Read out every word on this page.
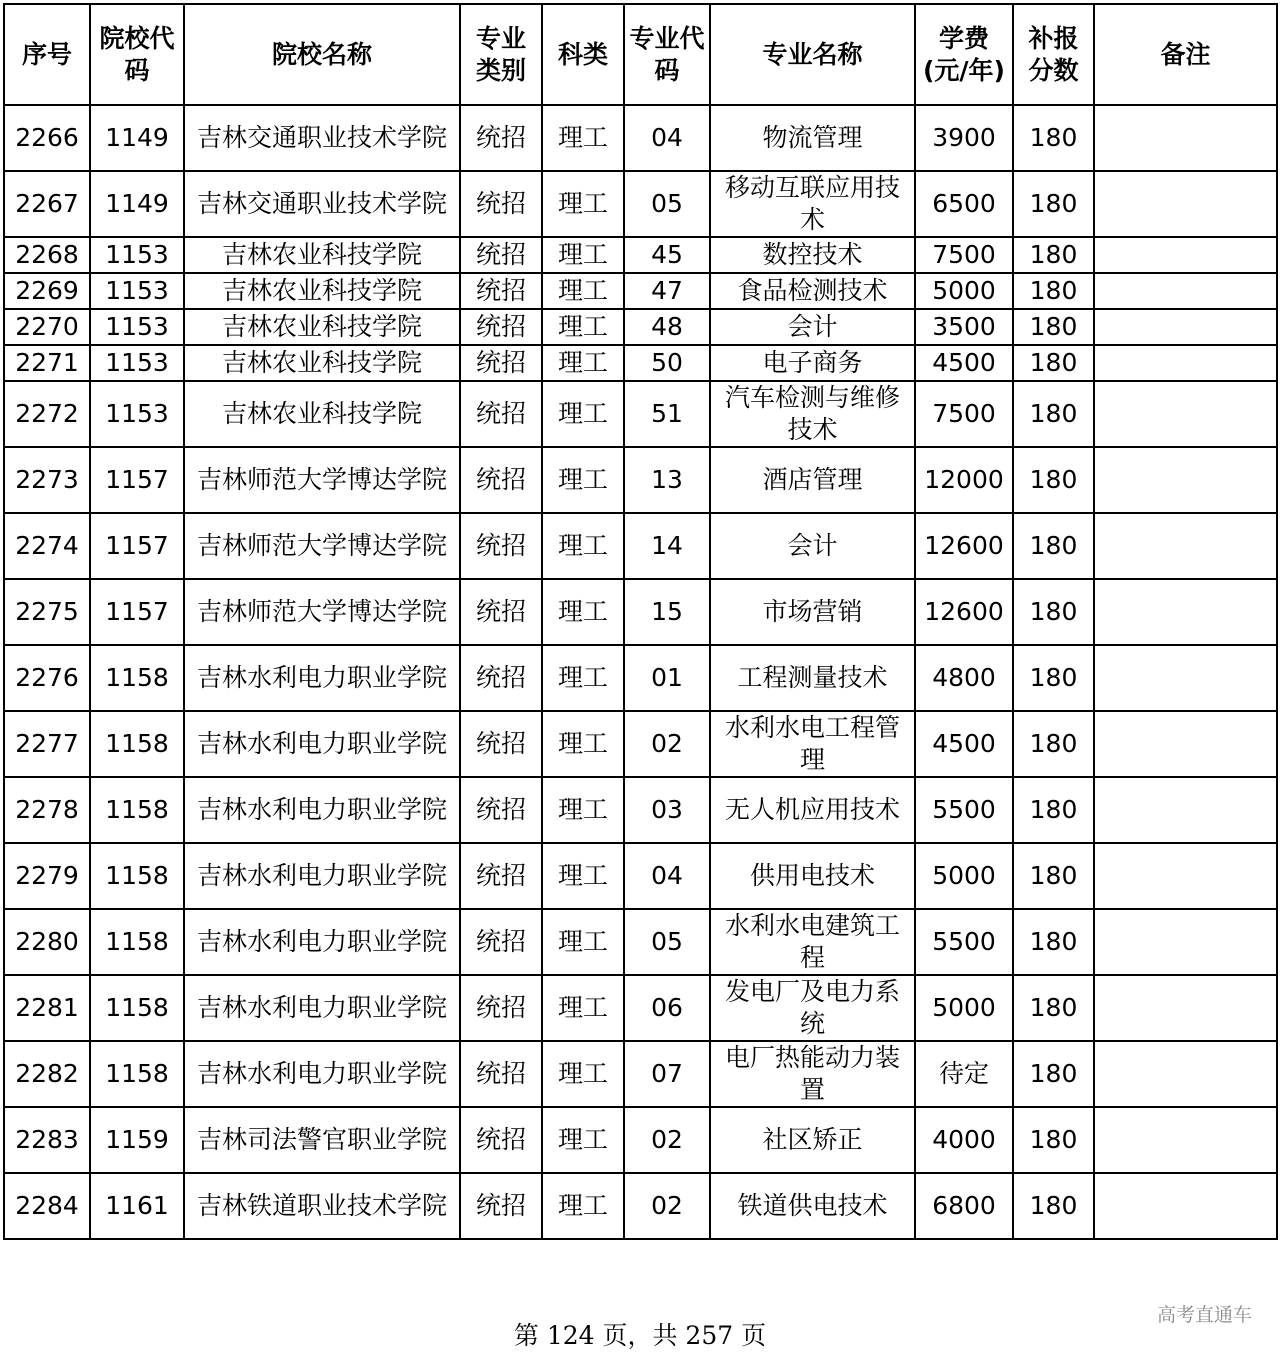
序号	院校代码	院校名称	专业类别	科类	专业代码	专业名称	学费(元/年)	补报分数	备注
2266	1149	吉林交通职业技术学院	统招	理工	04	物流管理	3900	180	
2267	1149	吉林交通职业技术学院	统招	理工	05	移动互联应用技术	6500	180	
2268	1153	吉林农业科技学院	统招	理工	45	数控技术	7500	180	
2269	1153	吉林农业科技学院	统招	理工	47	食品检测技术	5000	180	
2270	1153	吉林农业科技学院	统招	理工	48	会计	3500	180	
2271	1153	吉林农业科技学院	统招	理工	50	电子商务	4500	180	
2272	1153	吉林农业科技学院	统招	理工	51	汽车检测与维修技术	7500	180	
2273	1157	吉林师范大学博达学院	统招	理工	13	酒店管理	12000	180	
2274	1157	吉林师范大学博达学院	统招	理工	14	会计	12600	180	
2275	1157	吉林师范大学博达学院	统招	理工	15	市场营销	12600	180	
2276	1158	吉林水利电力职业学院	统招	理工	01	工程测量技术	4800	180	
2277	1158	吉林水利电力职业学院	统招	理工	02	水利水电工程管理	4500	180	
2278	1158	吉林水利电力职业学院	统招	理工	03	无人机应用技术	5500	180	
2279	1158	吉林水利电力职业学院	统招	理工	04	供用电技术	5000	180	
2280	1158	吉林水利电力职业学院	统招	理工	05	水利水电建筑工程	5500	180	
2281	1158	吉林水利电力职业学院	统招	理工	06	发电厂及电力系统	5000	180	
2282	1158	吉林水利电力职业学院	统招	理工	07	电厂热能动力装置	待定	180	
2283	1159	吉林司法警官职业学院	统招	理工	02	社区矫正	4000	180	
2284	1161	吉林铁道职业技术学院	统招	理工	02	铁道供电技术	6800	180	
第 124 页，共 257 页
高考直通车
